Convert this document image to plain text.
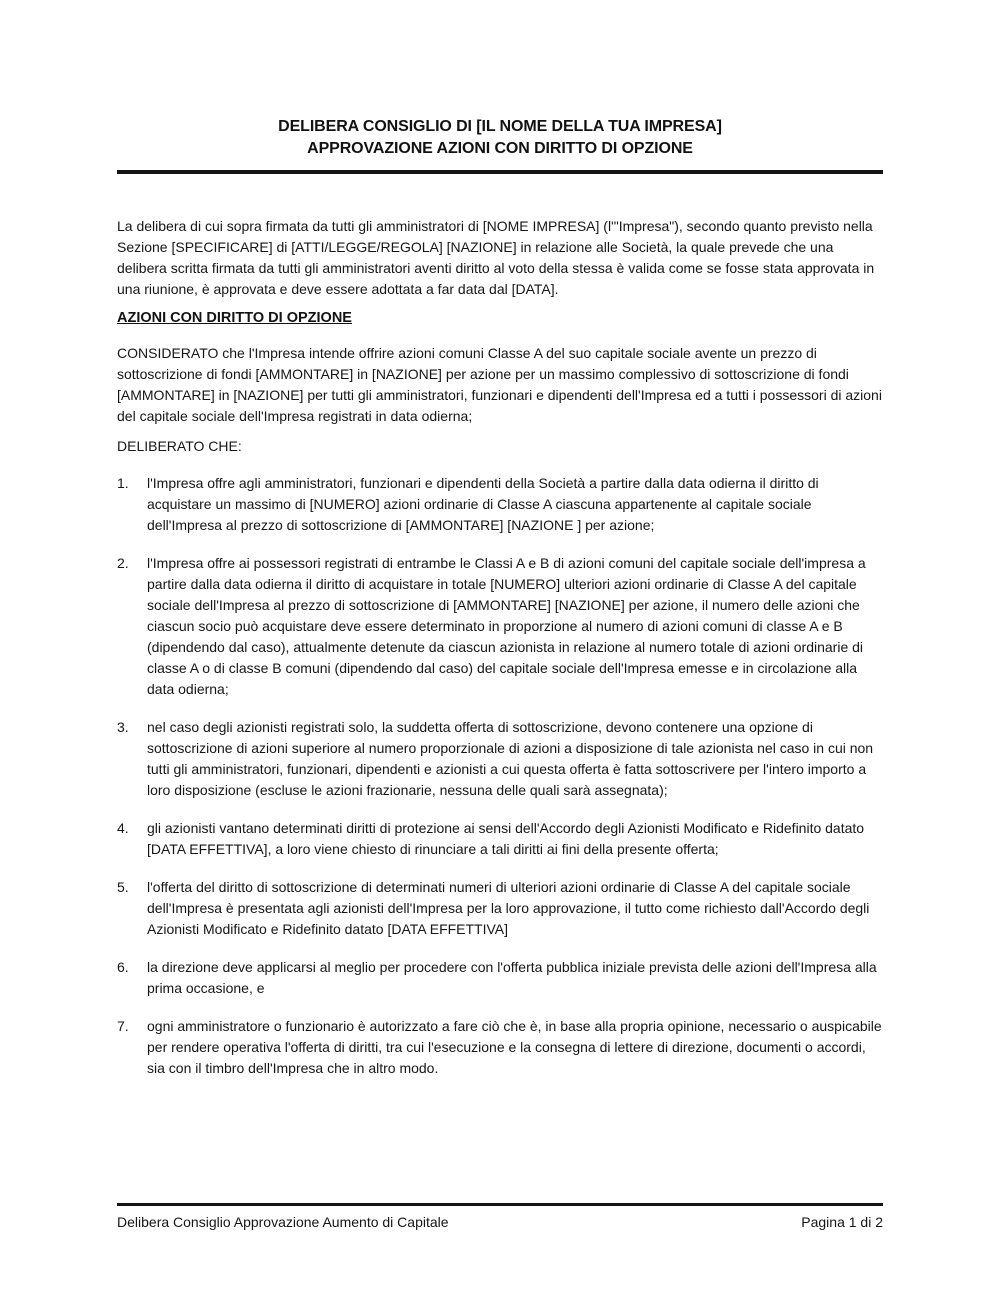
DELIBERA CONSIGLIO DI [IL NOME DELLA TUA IMPRESA]
APPROVAZIONE AZIONI CON DIRITTO DI OPZIONE

La delibera di cui sopra firmata da tutti gli amministratori di [NOME IMPRESA] (l'"Impresa"), secondo quanto previsto nella Sezione [SPECIFICARE] di [ATTI/LEGGE/REGOLA] [NAZIONE] in relazione alle Società, la quale prevede che una delibera scritta firmata da tutti gli amministratori aventi diritto al voto della stessa è valida come se fosse stata approvata in una riunione, è approvata e deve essere adottata a far data dal [DATA].

AZIONI CON DIRITTO DI OPZIONE

CONSIDERATO che l'Impresa intende offrire azioni comuni Classe A del suo capitale sociale avente un prezzo di sottoscrizione di fondi [AMMONTARE] in [NAZIONE] per azione per un massimo complessivo di sottoscrizione di fondi [AMMONTARE] in [NAZIONE] per tutti gli amministratori, funzionari e dipendenti dell'Impresa ed a tutti i possessori di azioni del capitale sociale dell'Impresa registrati in data odierna;

DELIBERATO CHE:

1.	l'Impresa offre agli amministratori, funzionari e dipendenti della Società a partire dalla data odierna il diritto di acquistare un massimo di [NUMERO] azioni ordinarie di Classe A ciascuna appartenente al capitale sociale dell'Impresa al prezzo di sottoscrizione di [AMMONTARE] [NAZIONE ] per azione;
2.	l'Impresa offre ai possessori registrati di entrambe le Classi A e B di azioni comuni del capitale sociale dell'impresa a partire dalla data odierna il diritto di acquistare in totale [NUMERO] ulteriori azioni ordinarie di Classe A del capitale sociale dell'Impresa al prezzo di sottoscrizione di [AMMONTARE] [NAZIONE] per azione, il numero delle azioni che ciascun socio può acquistare deve essere determinato in proporzione al numero di azioni comuni di classe A e B (dipendendo dal caso), attualmente detenute da ciascun azionista in relazione al numero totale di azioni ordinarie di classe A o di classe B comuni (dipendendo dal caso) del capitale sociale dell'Impresa emesse e in circolazione alla data odierna;
3.	nel caso degli azionisti registrati solo, la suddetta offerta di sottoscrizione, devono contenere una opzione di sottoscrizione di azioni superiore al numero proporzionale di azioni a disposizione di tale azionista nel caso in cui non tutti gli amministratori, funzionari, dipendenti e azionisti a cui questa offerta è fatta sottoscrivere per l'intero importo a loro disposizione (escluse le azioni frazionarie, nessuna delle quali sarà assegnata);
4.	gli azionisti vantano determinati diritti di protezione ai sensi dell'Accordo degli Azionisti Modificato e Ridefinito datato [DATA EFFETTIVA], a loro viene chiesto di rinunciare a tali diritti ai fini della presente offerta;
5.	l'offerta del diritto di sottoscrizione di determinati numeri di ulteriori azioni ordinarie di Classe A del capitale sociale dell'Impresa è presentata agli azionisti dell'Impresa per la loro approvazione, il tutto come richiesto dall'Accordo degli Azionisti Modificato e Ridefinito datato [DATA EFFETTIVA]
6.	la direzione deve applicarsi al meglio per procedere con l'offerta pubblica iniziale prevista delle azioni dell'Impresa alla prima occasione, e
7.	ogni amministratore o funzionario è autorizzato a fare ciò che è, in base alla propria opinione, necessario o auspicabile per rendere operativa l'offerta di diritti, tra cui l'esecuzione e la consegna di lettere di direzione, documenti o accordi, sia con il timbro dell'Impresa che in altro modo.
Delibera Consiglio Approvazione Aumento di Capitale	Pagina 1 di 2
